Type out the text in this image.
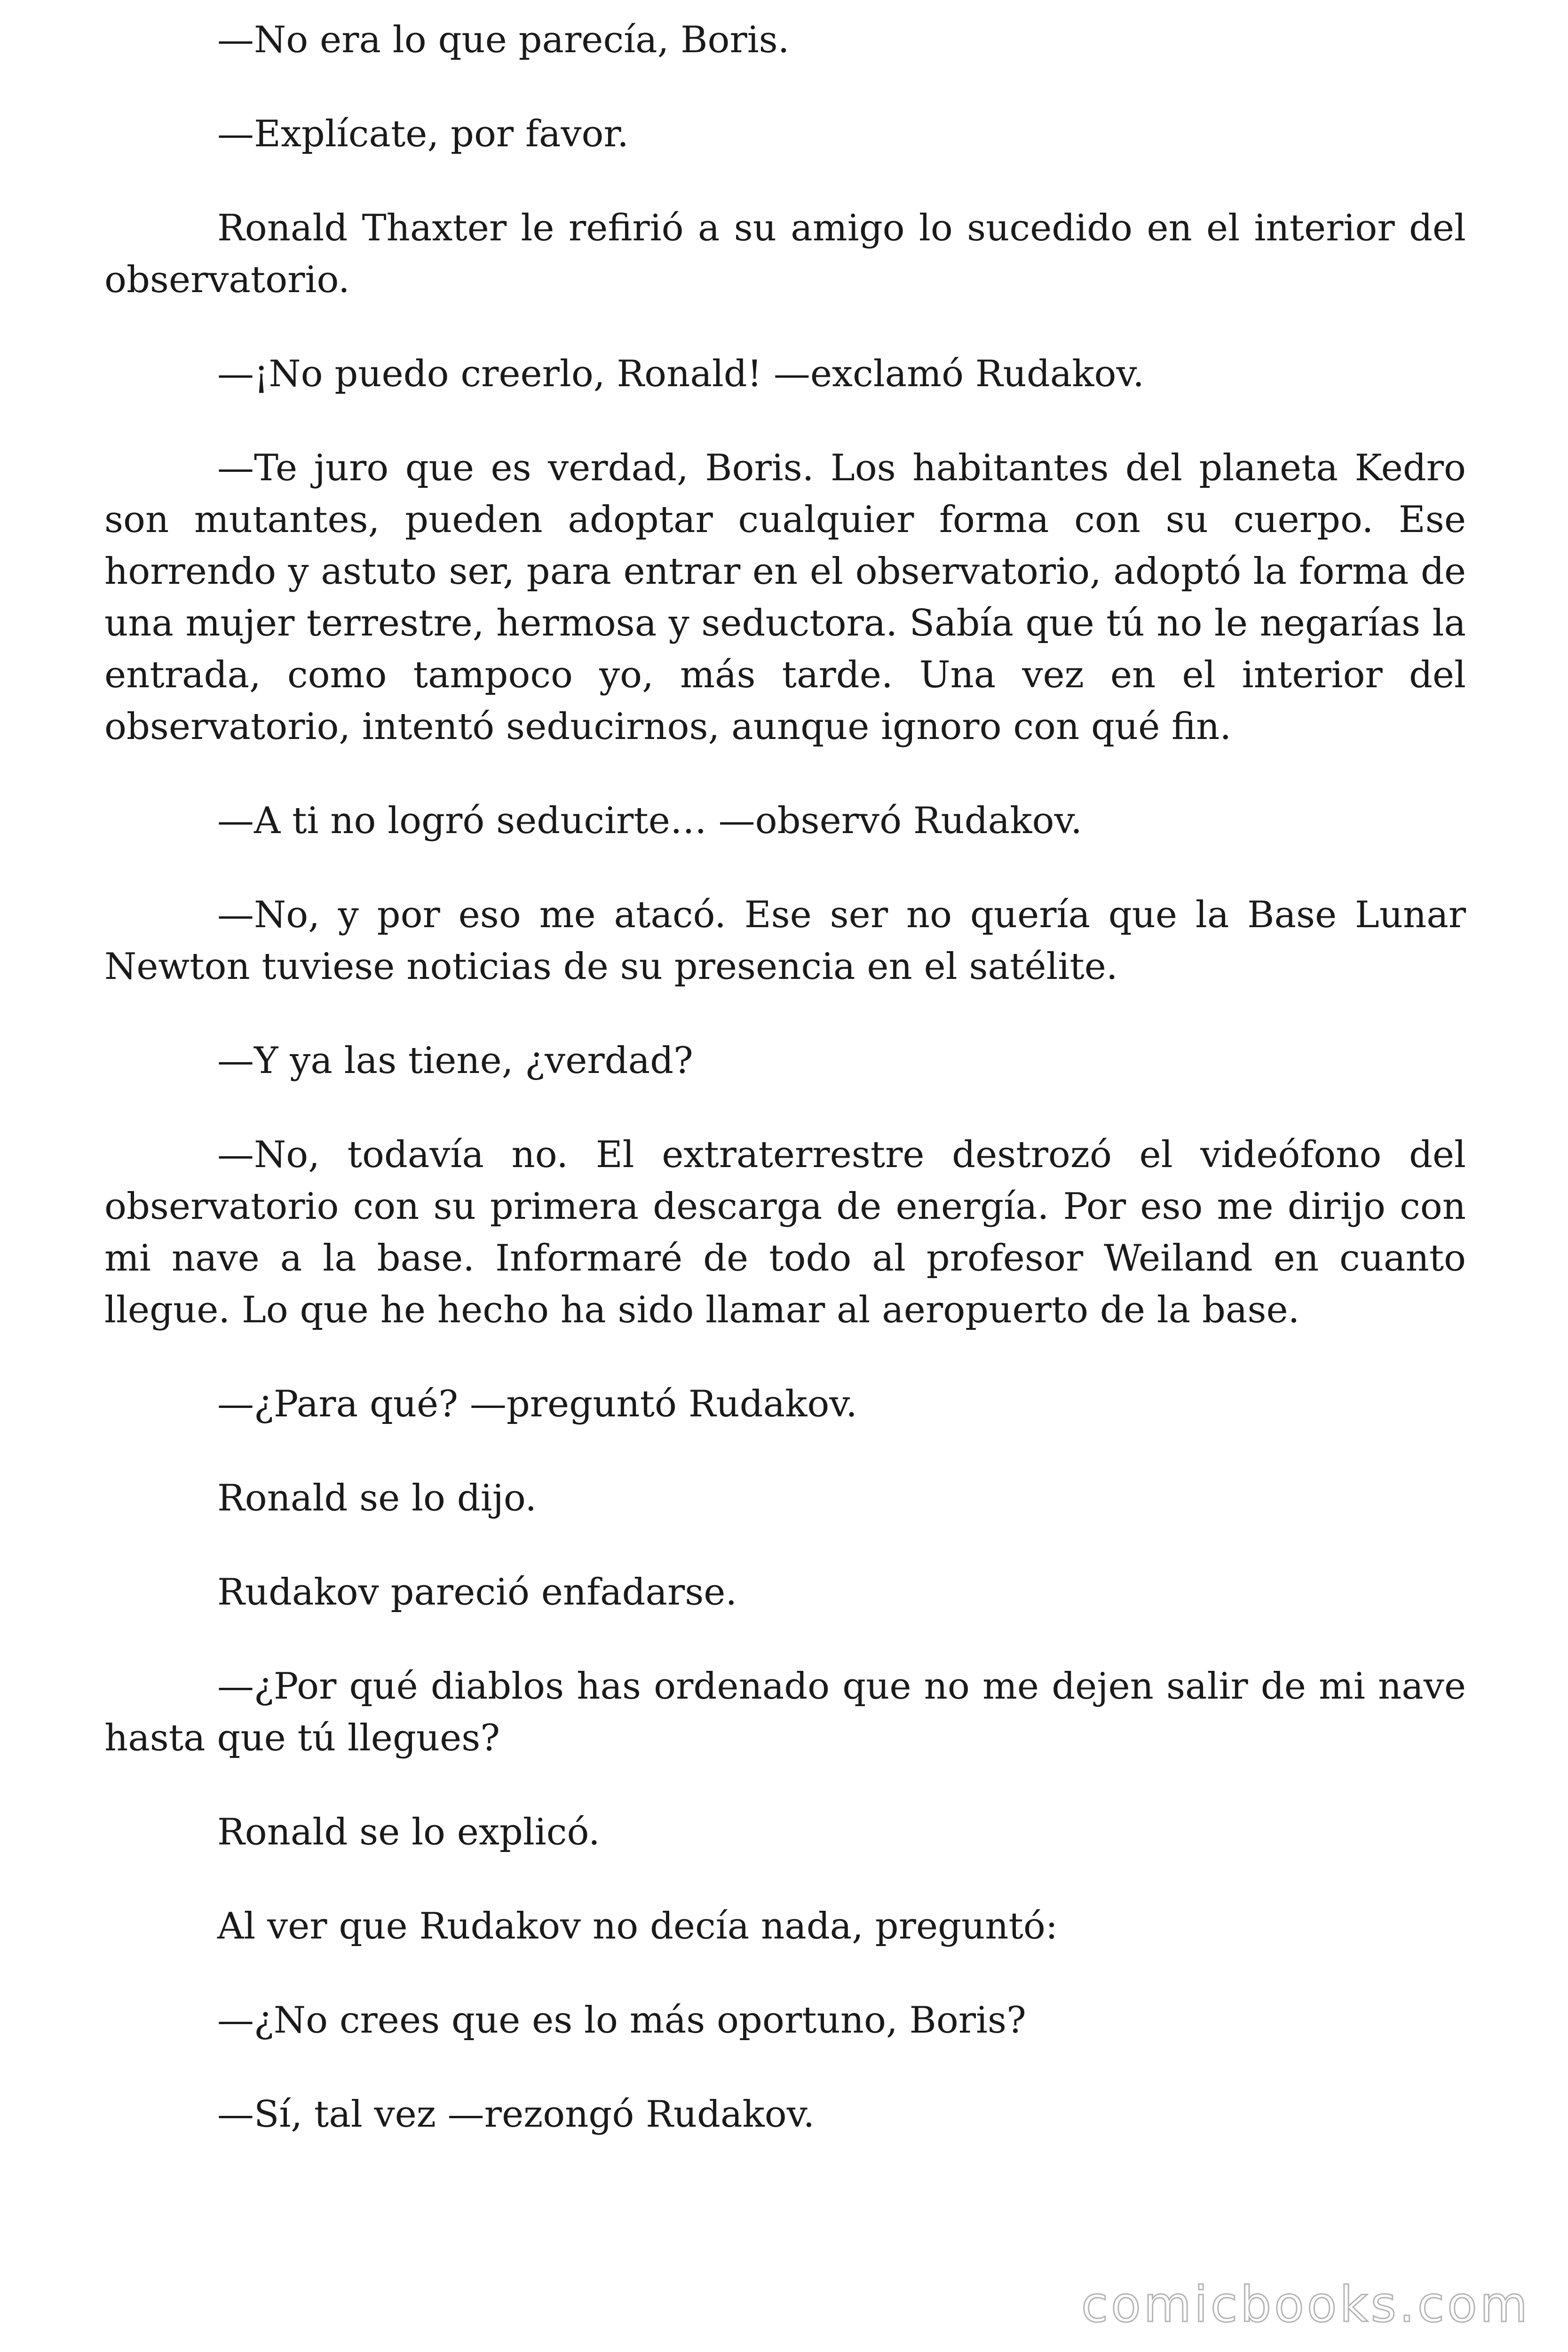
—No era lo que parecía, Boris.

—Explícate, por favor.

Ronald Thaxter le refirió a su amigo lo sucedido en el interior del observatorio.

—¡No puedo creerlo, Ronald! —exclamó Rudakov.

—Te juro que es verdad, Boris. Los habitantes del planeta Kedro son mutantes, pueden adoptar cualquier forma con su cuerpo. Ese horrendo y astuto ser, para entrar en el observatorio, adoptó la forma de una mujer terrestre, hermosa y seductora. Sabía que tú no le negarías la entrada, como tampoco yo, más tarde. Una vez en el interior del observatorio, intentó seducirnos, aunque ignoro con qué fin.

—A ti no logró seducirte… —observó Rudakov.

—No, y por eso me atacó. Ese ser no quería que la Base Lunar Newton tuviese noticias de su presencia en el satélite.

—Y ya las tiene, ¿verdad?

—No, todavía no. El extraterrestre destrozó el videófono del observatorio con su primera descarga de energía. Por eso me dirijo con mi nave a la base. Informaré de todo al profesor Weiland en cuanto llegue. Lo que he hecho ha sido llamar al aeropuerto de la base.

—¿Para qué? —preguntó Rudakov.

Ronald se lo dijo.

Rudakov pareció enfadarse.

—¿Por qué diablos has ordenado que no me dejen salir de mi nave hasta que tú llegues?

Ronald se lo explicó.

Al ver que Rudakov no decía nada, preguntó:

—¿No crees que es lo más oportuno, Boris?

—Sí, tal vez —rezongó Rudakov.

comicbooks.com
